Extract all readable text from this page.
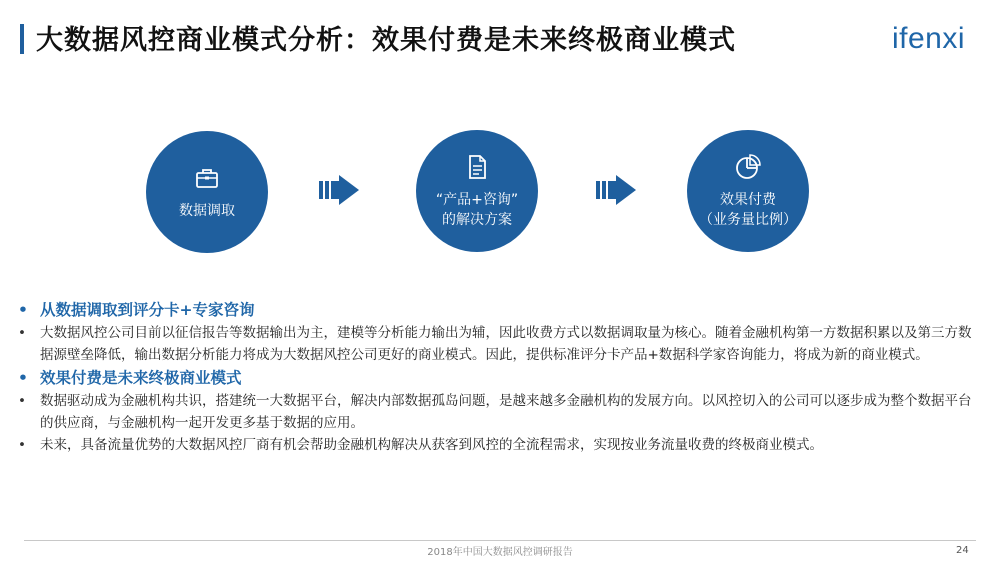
大数据风控商业模式分析：效果付费是未来终极商业模式	ifenxi
数据调取
“产品+咨询”
的解决方案
效果付费
（业务量比例）
• 从数据调取到评分卡+专家咨询
• 大数据风控公司目前以征信报告等数据输出为主，建模等分析能力输出为辅，因此收费方式以数据调取量为核心。随着金融机构第一方数据积累以及第三方数据源壁垒降低，输出数据分析能力将成为大数据风控公司更好的商业模式。因此，提供标准评分卡产品+数据科学家咨询能力，将成为新的商业模式。
• 效果付费是未来终极商业模式
• 数据驱动成为金融机构共识，搭建统一大数据平台，解决内部数据孤岛问题，是越来越多金融机构的发展方向。以风控切入的公司可以逐步成为整个数据平台的供应商，与金融机构一起开发更多基于数据的应用。
• 未来，具备流量优势的大数据风控厂商有机会帮助金融机构解决从获客到风控的全流程需求，实现按业务流量收费的终极商业模式。
2018年中国大数据风控调研报告	24
